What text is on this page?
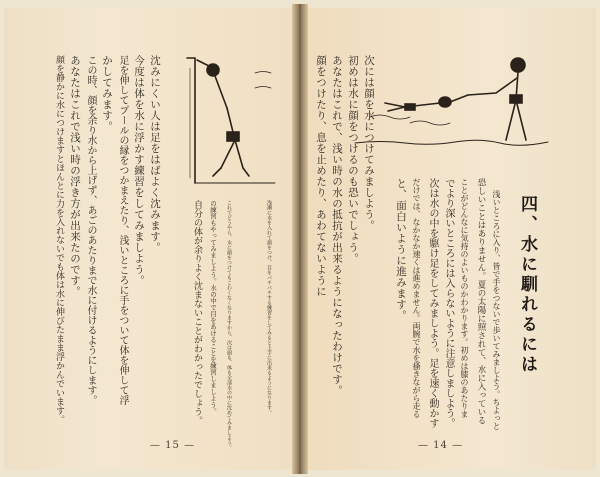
四、水に馴れるには
浅いところに入り、皆で手をつないで歩いてみましよう。ちよっと
恐しいことはありません。夏の太陽に照されて、水に入っている
ことがどんなに気持のよいものかわかります。初めは膝のあたりま
でより深いところには入らないように注意しましよう。
次は水の中を駆け足をしてみましよう。足を速く動かす
だけでは、なかなか速くは進めません。両腕で水を搔きながら走る
と、面白いように進みます。
次には顔を水につけてみましよう。
初めは水に顔をつけるのも恐いでしょう。
あなたはこれで、浅い時の水の抵抗が出来るようになったわけです。
顔をつけたり、息を止めたり、あわてないように
— 14 —
沈みにくい人は足をはばよく沈みます。
今度は体を水に浮かす練習をしてみましよう。
足を伸してプールの縁をつかまえたり、浅いところに手をついて体を伸して浮
かしてみます。
この時、顔を余り水から上げず、あごのあたりまで水に付けるようにします。
あなたはこれで浅い時の浮き方が出来たのです。
顔を静かに水につけますとほんとに力を入れないでも体は水に伸びたまま浮かんでいます。	自分の体が余りよく沈まないことがわかったでしょう。	の練習もやってみましよう。水の中で目をあけることを練習しましよう。	これでどうやら、水に顔をつけてもこわくなくなりますから、次は頭も、体も全部水の中に沈めてみましよう。	浅瀬に水を入れて顔をつけ、目をパチパチする練習をしてみると上手に出来るようになります。
— 15 —
